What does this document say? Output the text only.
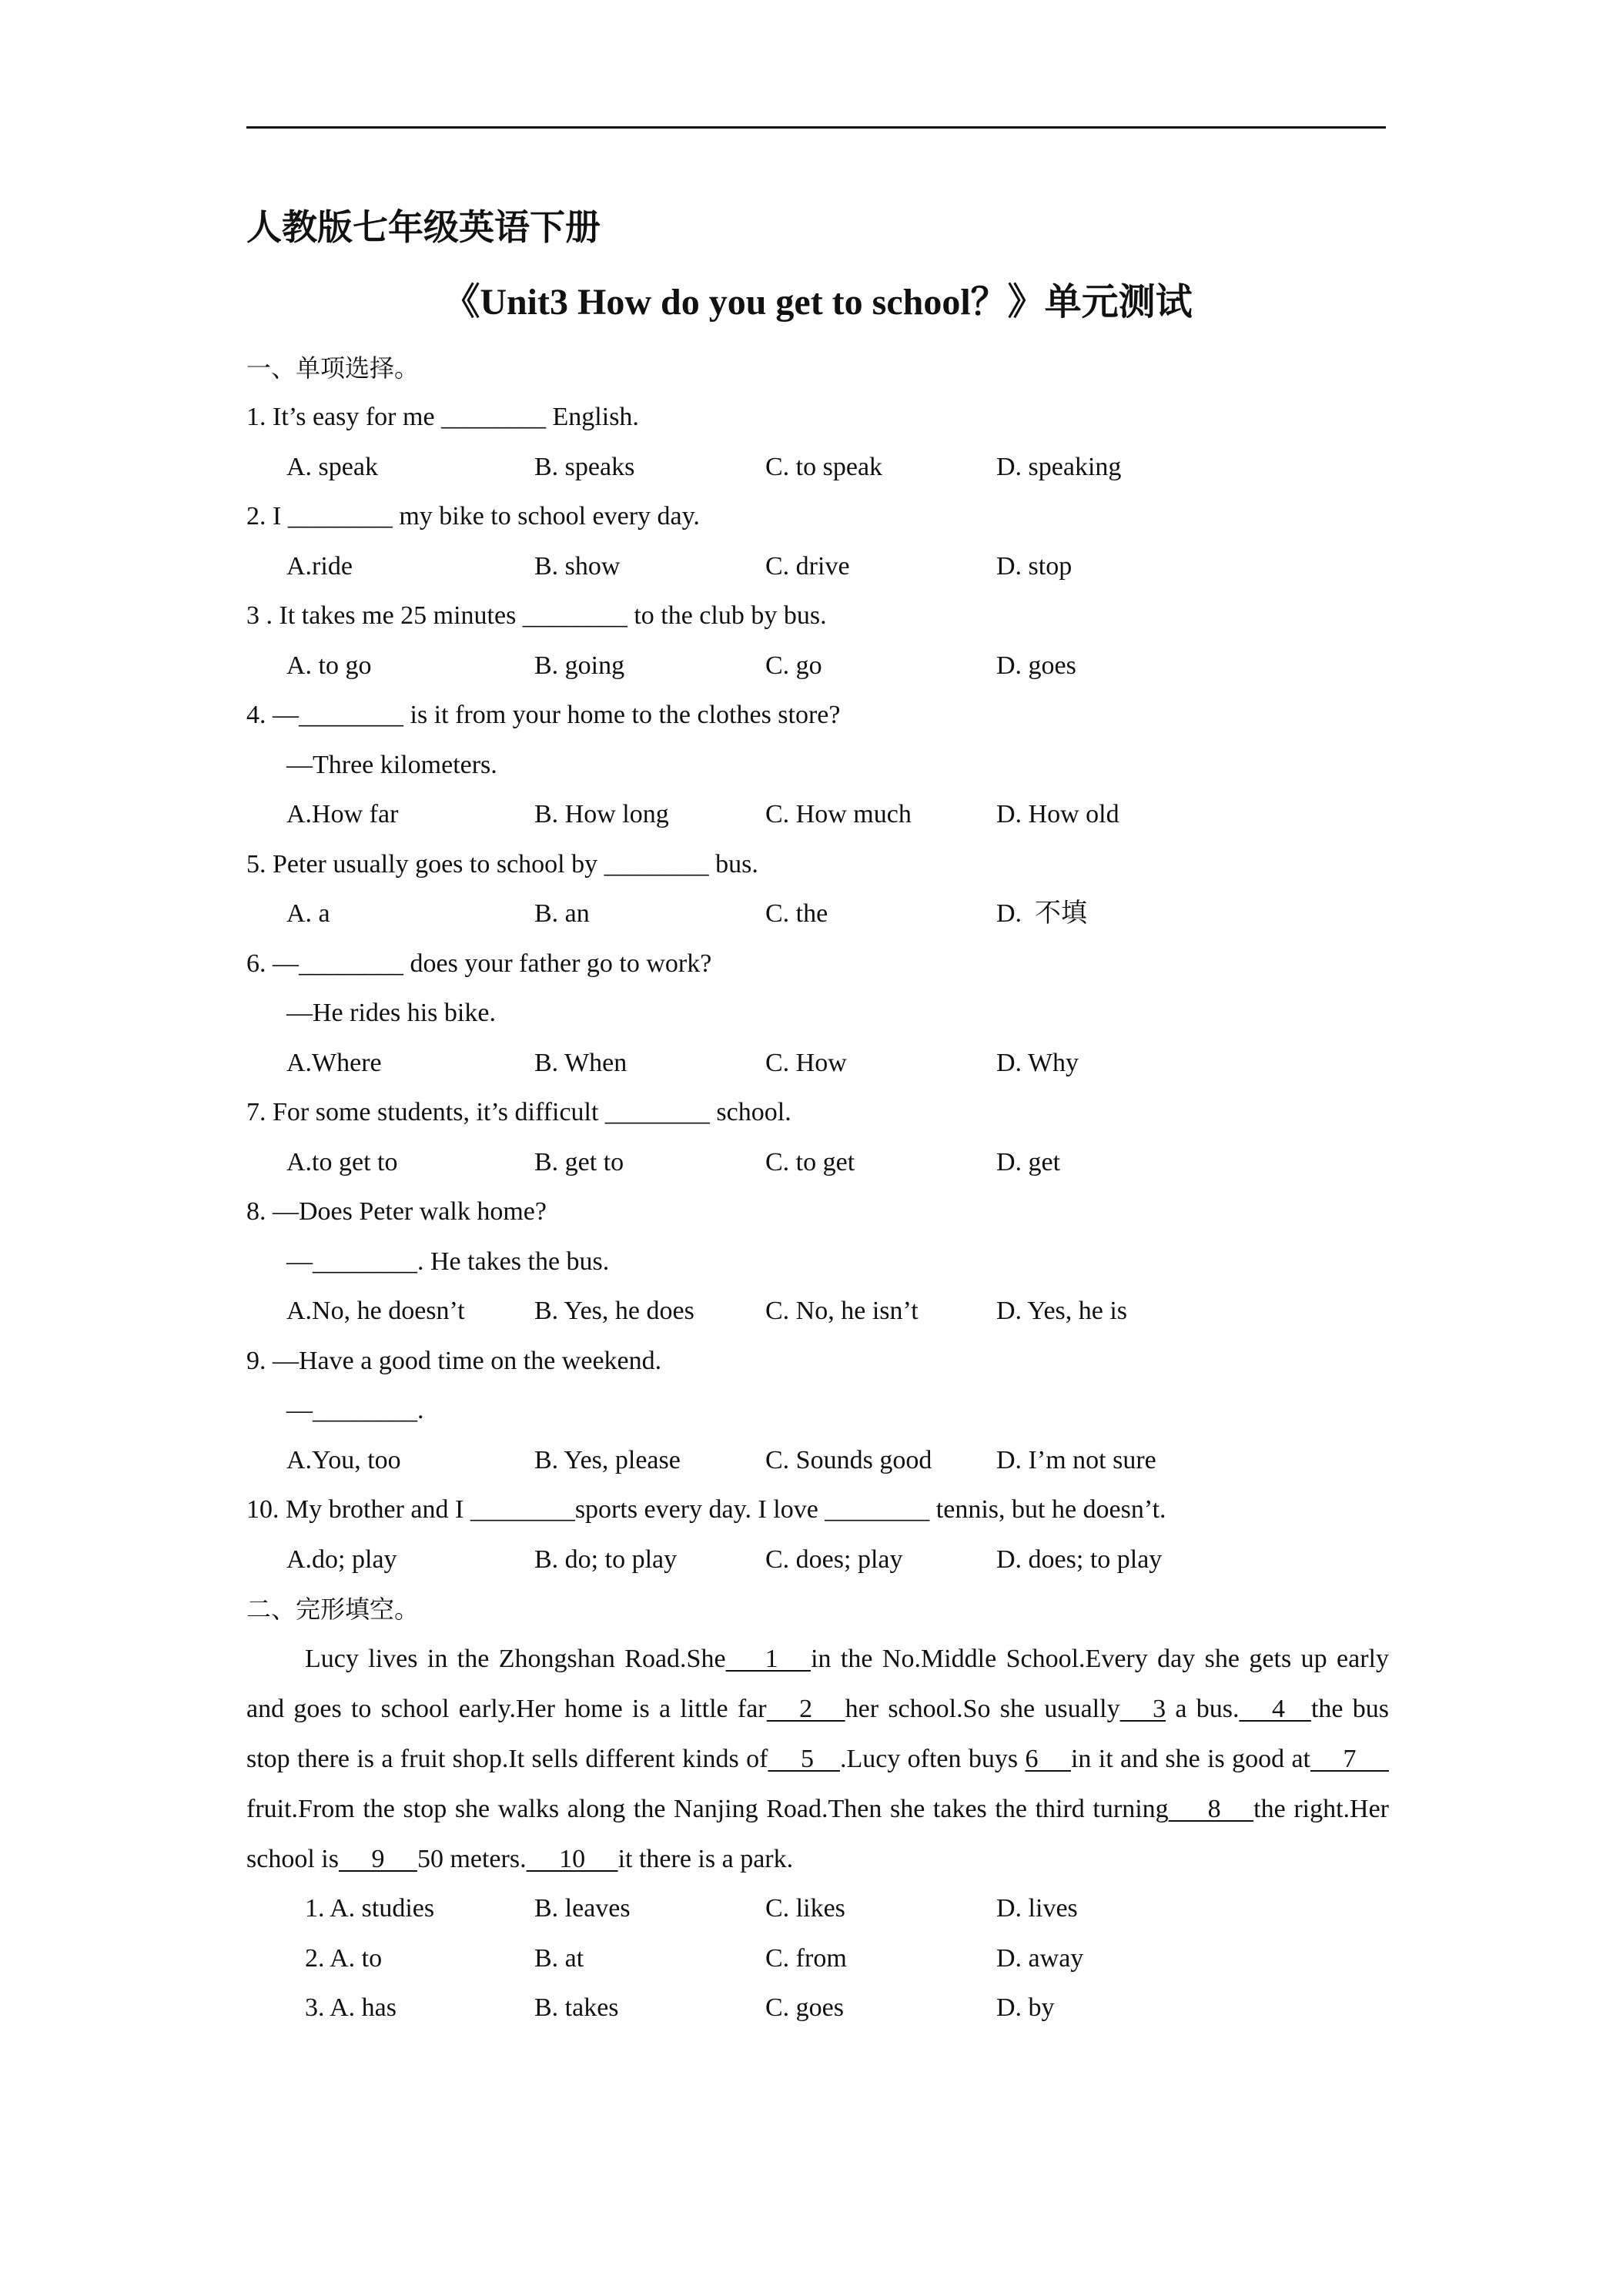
人教版七年级英语下册
《Unit3 How do you get to school？》单元测试
一、单项选择。
1. It’s easy for me ________ English.
A. speak	B. speaks	C. to speak	D. speaking
2. I ________ my bike to school every day.
A.ride	B. show	C. drive	D. stop
3 . It takes me 25 minutes ________ to the club by bus.
A. to go	B. going	C. go	D. goes
4. —________ is it from your home to the clothes store?
—Three kilometers.
A.How far	B. How long	C. How much	D. How old
5. Peter usually goes to school by ________ bus.
A. a	B. an	C. the	D.  不填
6. —________ does your father go to work?
—He rides his bike.
A.Where	B. When	C. How	D. Why
7. For some students, it’s difficult ________ school.
A.to get to	B. get to	C. to get	D. get
8. —Does Peter walk home?
—________. He takes the bus.
A.No, he doesn’t	B. Yes, he does	C. No, he isn’t	D. Yes, he is
9. —Have a good time on the weekend.
—________.
A.You, too	B. Yes, please	C. Sounds good D. I’m not sure
10. My brother and I ________sports every day. I love ________ tennis, but he doesn’t.
A.do; play	B. do; to play	C. does; play	D. does; to play
二、完形填空。

Lucy lives in the Zhongshan Road.She      1     in the No.Middle School.Every day she gets up early and goes to school early.Her home is a little far     2     her school.So she usually     3 a bus.     4    the bus stop there is a fruit shop.It sells different kinds of     5    .Lucy often buys 6     in it and she is good at     7     fruit.From the stop she walks along the Nanjing Road.Then she takes the third turning      8     the right.Her school is     9     50 meters.     10     it there is a park.

1. A. studies	B. leaves	C. likes	D. lives
2. A. to	B. at	C. from	D. away
3. A. has	B. takes	C. goes	D. by
